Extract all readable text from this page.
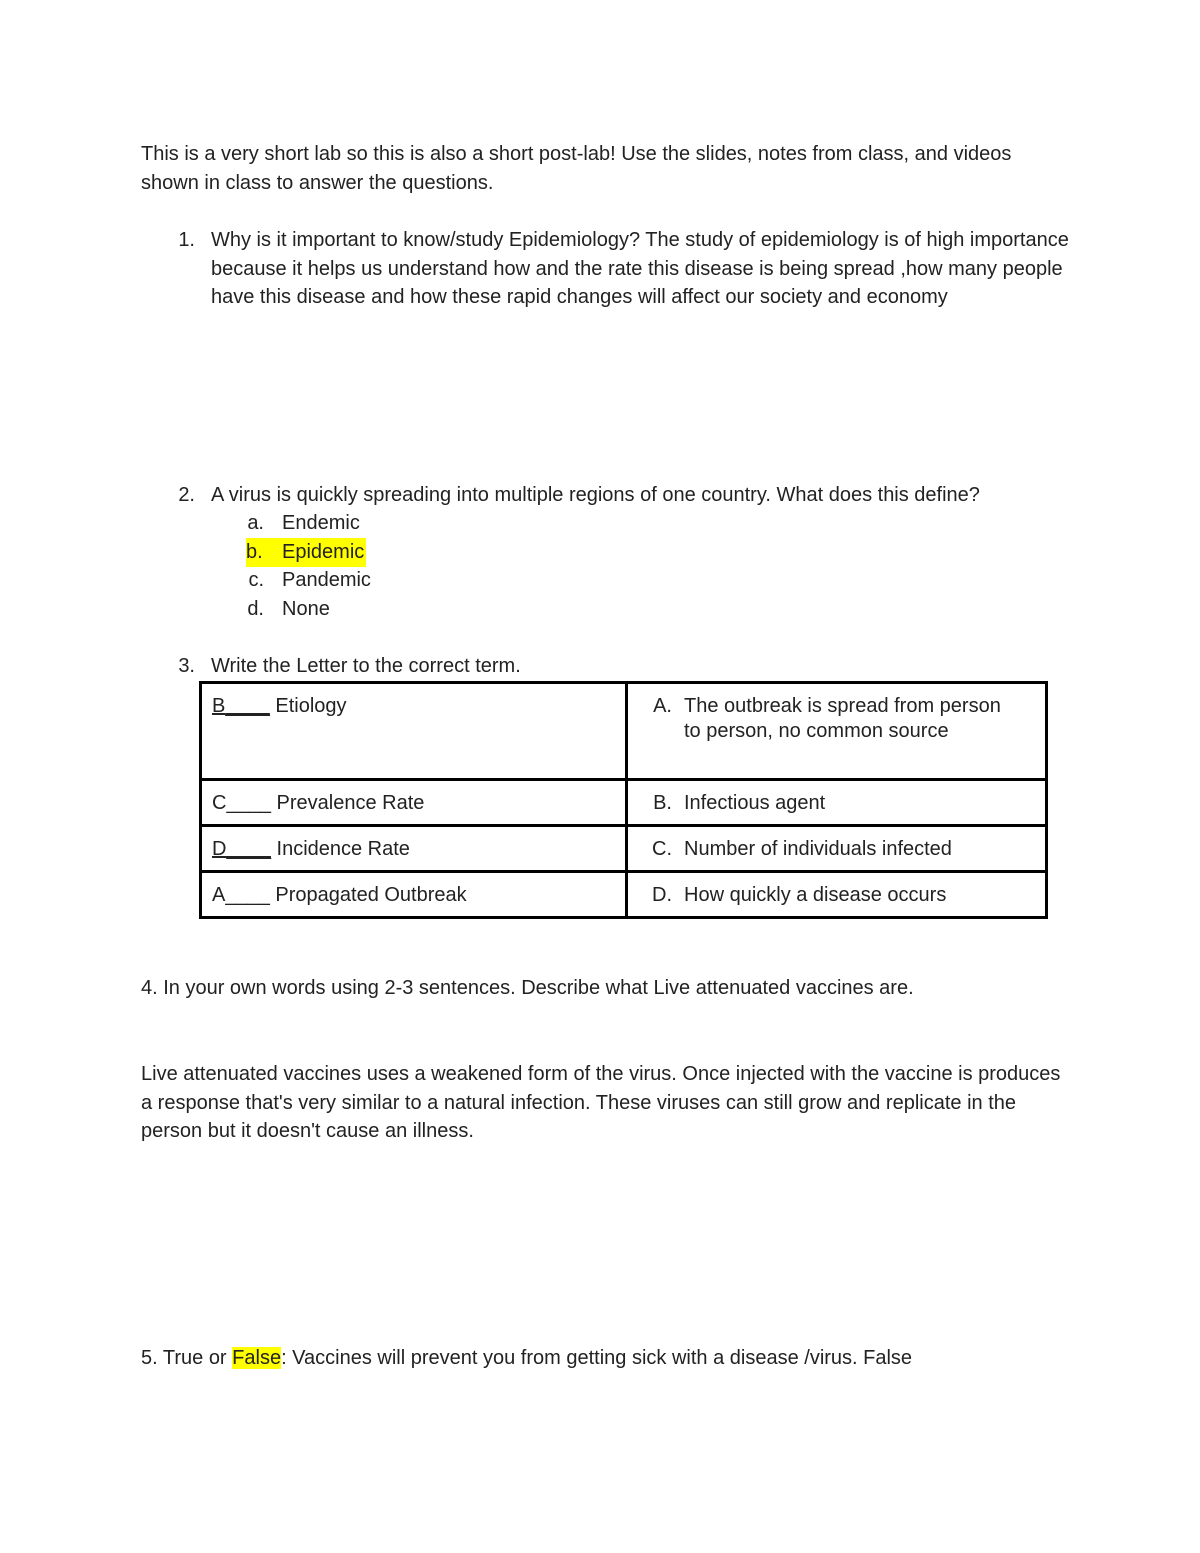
This is a very short lab so this is also a short post-lab! Use the slides, notes from class, and videos shown in class to answer the questions.
1. Why is it important to know/study Epidemiology? The study of epidemiology is of high importance because it helps us understand how and the rate this disease is being spread ,how many people have this disease and how these rapid changes will affect our society and economy
2. A virus is quickly spreading into multiple regions of one country. What does this define?
a. Endemic
b. Epidemic
c. Pandemic
d. None
3. Write the Letter to the correct term.
B____ Etiology	A. The outbreak is spread from person to person, no common source
C____ Prevalence Rate	B. Infectious agent
D____ Incidence Rate	C. Number of individuals infected
A____ Propagated Outbreak	D. How quickly a disease occurs
4. In your own words using 2-3 sentences. Describe what Live attenuated vaccines are.
Live attenuated vaccines uses a weakened form of the virus. Once injected with the vaccine is produces a response that's very similar to a natural infection. These viruses can still grow and replicate in the person but it doesn't cause an illness.
5. True or False: Vaccines will prevent you from getting sick with a disease /virus. False
